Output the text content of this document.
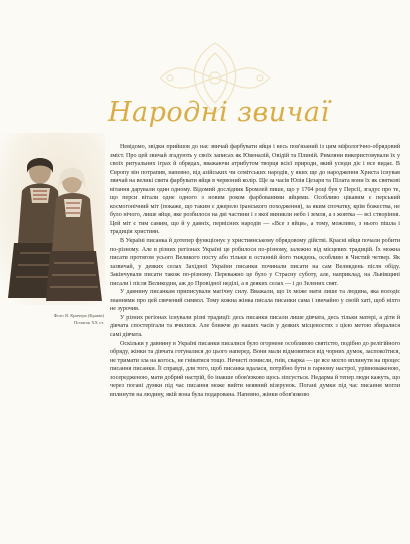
Народні звичаї
Фото Я. Кричера (Краків)
Початок ХХ ст.

Невідомо, звідки прийшов до нас звичай фарбувати яйця і весь пов'язаний із цим міфологічно-обрядовий зміст. Про цей звичай згадують у своїх записах як Ювеналій, Овідій та Плиній. Римляни використовували їх у своїх ритуальних іграх й обрядах, вважаючи атрибутом творця всієї природи, який усюди діє і все видає. В Європу він потрапив, напевно, від азійських чи семітських народів, у яких ще до народження Христа існував звичай на великі свята фарбувати яйця в червоний колір. Ще за часів Юлія Цезаря та Пілата вони їх як святкові вітання дарували один одному. Відомий дослідник Бромлей пише, що у 1704 році був у Персії, згадує про те, що перси вітали одне одного з новим роком фарбованими яйцями. Особливо цікавим є перський космогонічний міт (покаже, що таким є джерело іранського походження), за яким спочатку, крім божества, не було нічого, лише яйце, яке розбилося на дві частини і з якої виникли небо і земля, а з жовтка — всі створіння. Цей міт є тим самим, що й у давніх, первісних народів — «Все з яйця», а тому, можливо, з нього пішла і традиція християн.

В Україні писанка й дотепер функціонує у християнському обрядовому дійстві. Красні яйця почали робити по-різному. Але в різних регіонах Україні це робилося по-різному, залежно від місцевих традицій. Їх можна писати протягом усього Великого посту або тільки в останній його тиждень, особливо в Чистий четвер. Як зазвичай, у деяких селах Західної України писанки починали писати на сам Великдень після обіду. Закінчували писати також по-різному. Переважно це було у Страсну суботу, але, наприклад, на Львівщині писали і після Великодня, аж до Провідної неділі, а в деяких селах — і до Зелених свят.

У давнину писанкам приписували магічну силу. Вважали, що їх може мати лише та людина, яка володіє знаннями про цей свячений символ. Тому кожна жінка писала писанки сама і звичайно у своїй хаті, щоб ніхто не зурочив.

У різних регіонах існували різні традиції: десь писанки писали лише дівчата, десь тільки матері, а діти й дівчата спостерігали та вчилися. Але ближче до наших часів у деяких місцевостях з цією метою збиралися самі дівчата.

Оскільки у давнину в Україні писанки писалися було огорнене особливою святістю, подібно до релігійного обряду, жінки та дівчата готувалися до цього наперед. Вони мали відмовитися від чорних думок, заспокоїтися, не тримати зла на когось, не гніватися тощо. Нечисті помисли, гнів, сварка — це все могло вплинути на процес писання писанки. Її справді, для того, щоб писанка вдалася, потрібно бути в гарному настрої, урівноваженою, зосередженою, мати добрий настрій, бо інакше обов'язково щось зіпсується. Недарма й тепер люди кажуть, що через погані думки під час писання може вийти неявний візерунок. Погані думки під час писання могли вплинути на людину, якій вона була подарована. Напевно, жінки обов'язково
